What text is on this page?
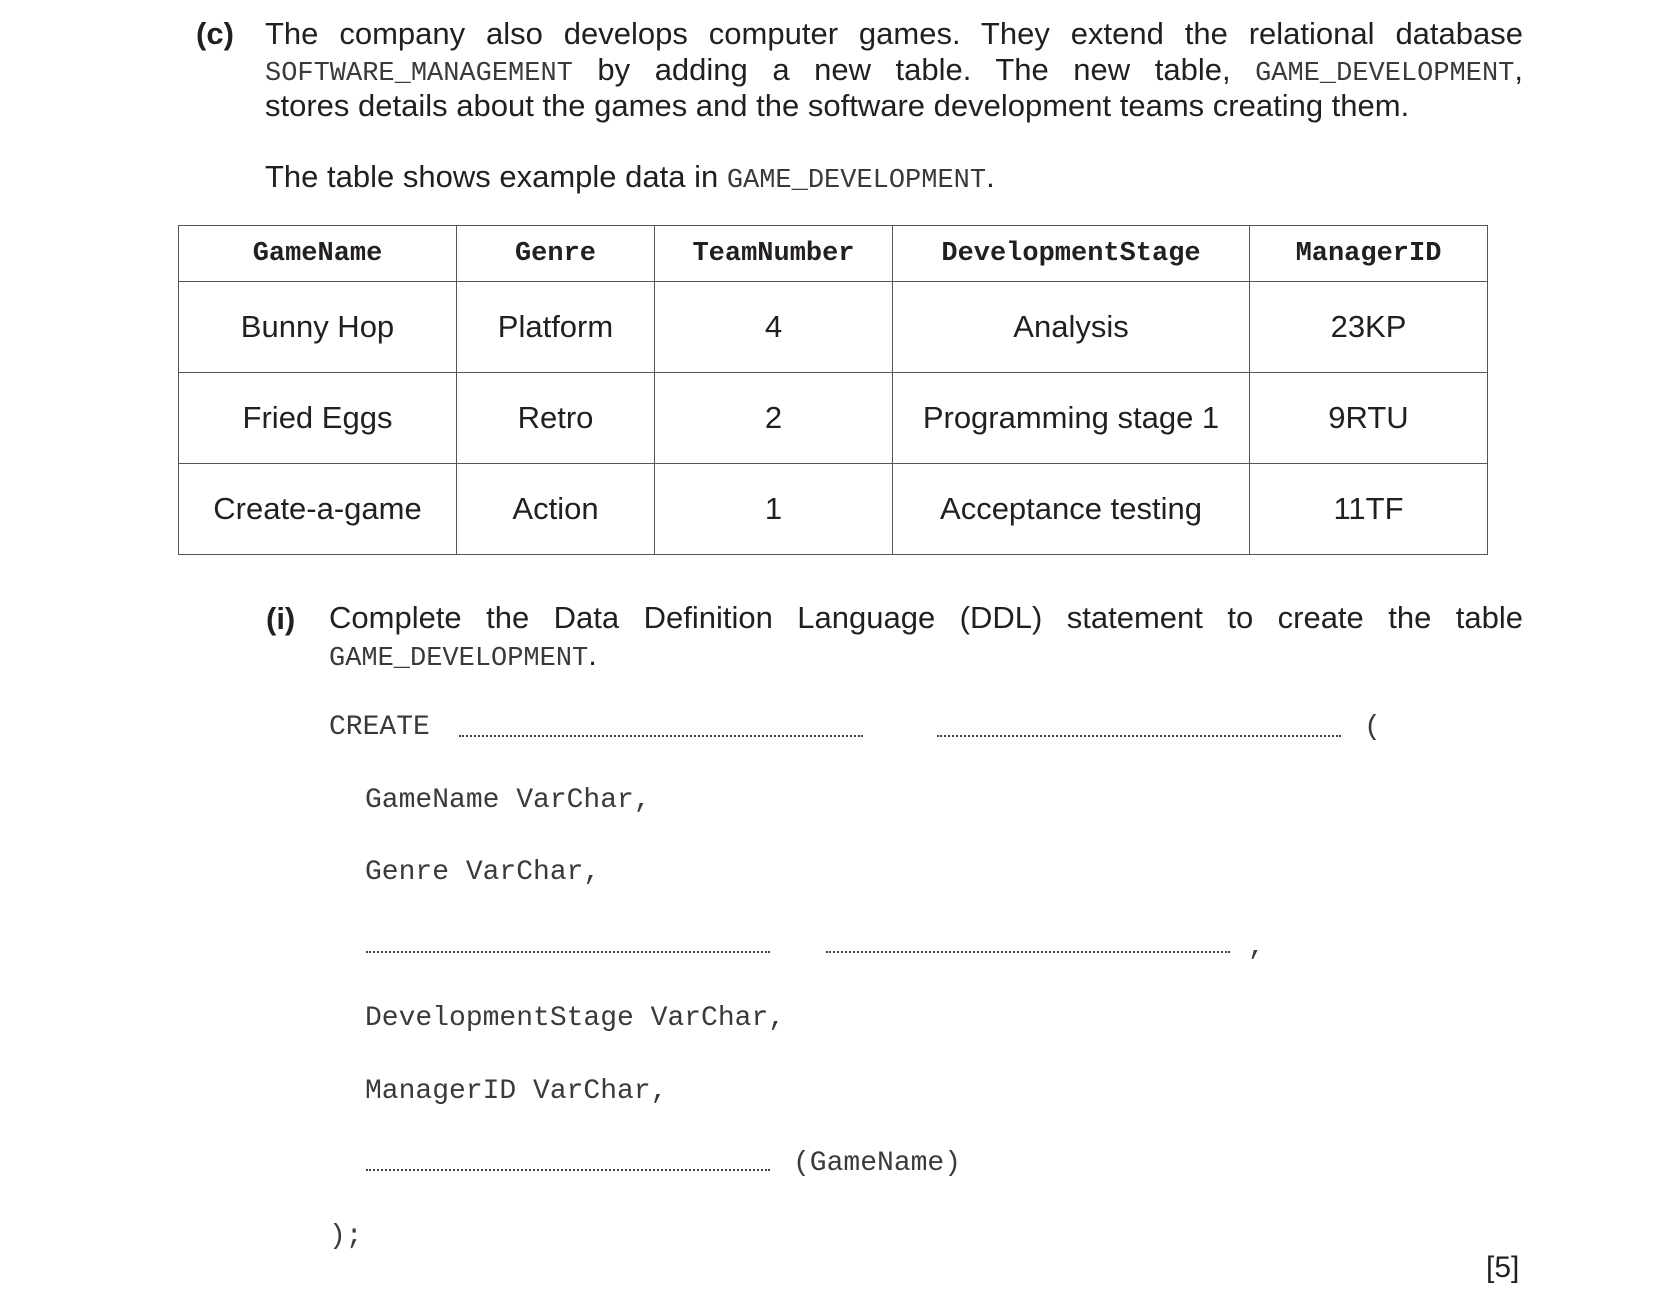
(c) The company also develops computer games. They extend the relational database
SOFTWARE_MANAGEMENT by adding a new table. The new table, GAME_DEVELOPMENT,
stores details about the games and the software development teams creating them.
The table shows example data in GAME_DEVELOPMENT.
GameName	Genre	TeamNumber	DevelopmentStage	ManagerID
Bunny Hop	Platform	4	Analysis	23KP
Fried Eggs	Retro	2	Programming stage 1	9RTU
Create-a-game	Action	1	Acceptance testing	11TF
(i) Complete the Data Definition Language (DDL) statement to create the table
GAME_DEVELOPMENT.
CREATE	(
GameName VarChar,
Genre VarChar,
,
DevelopmentStage VarChar,
ManagerID VarChar,
(GameName)
);
[5]
